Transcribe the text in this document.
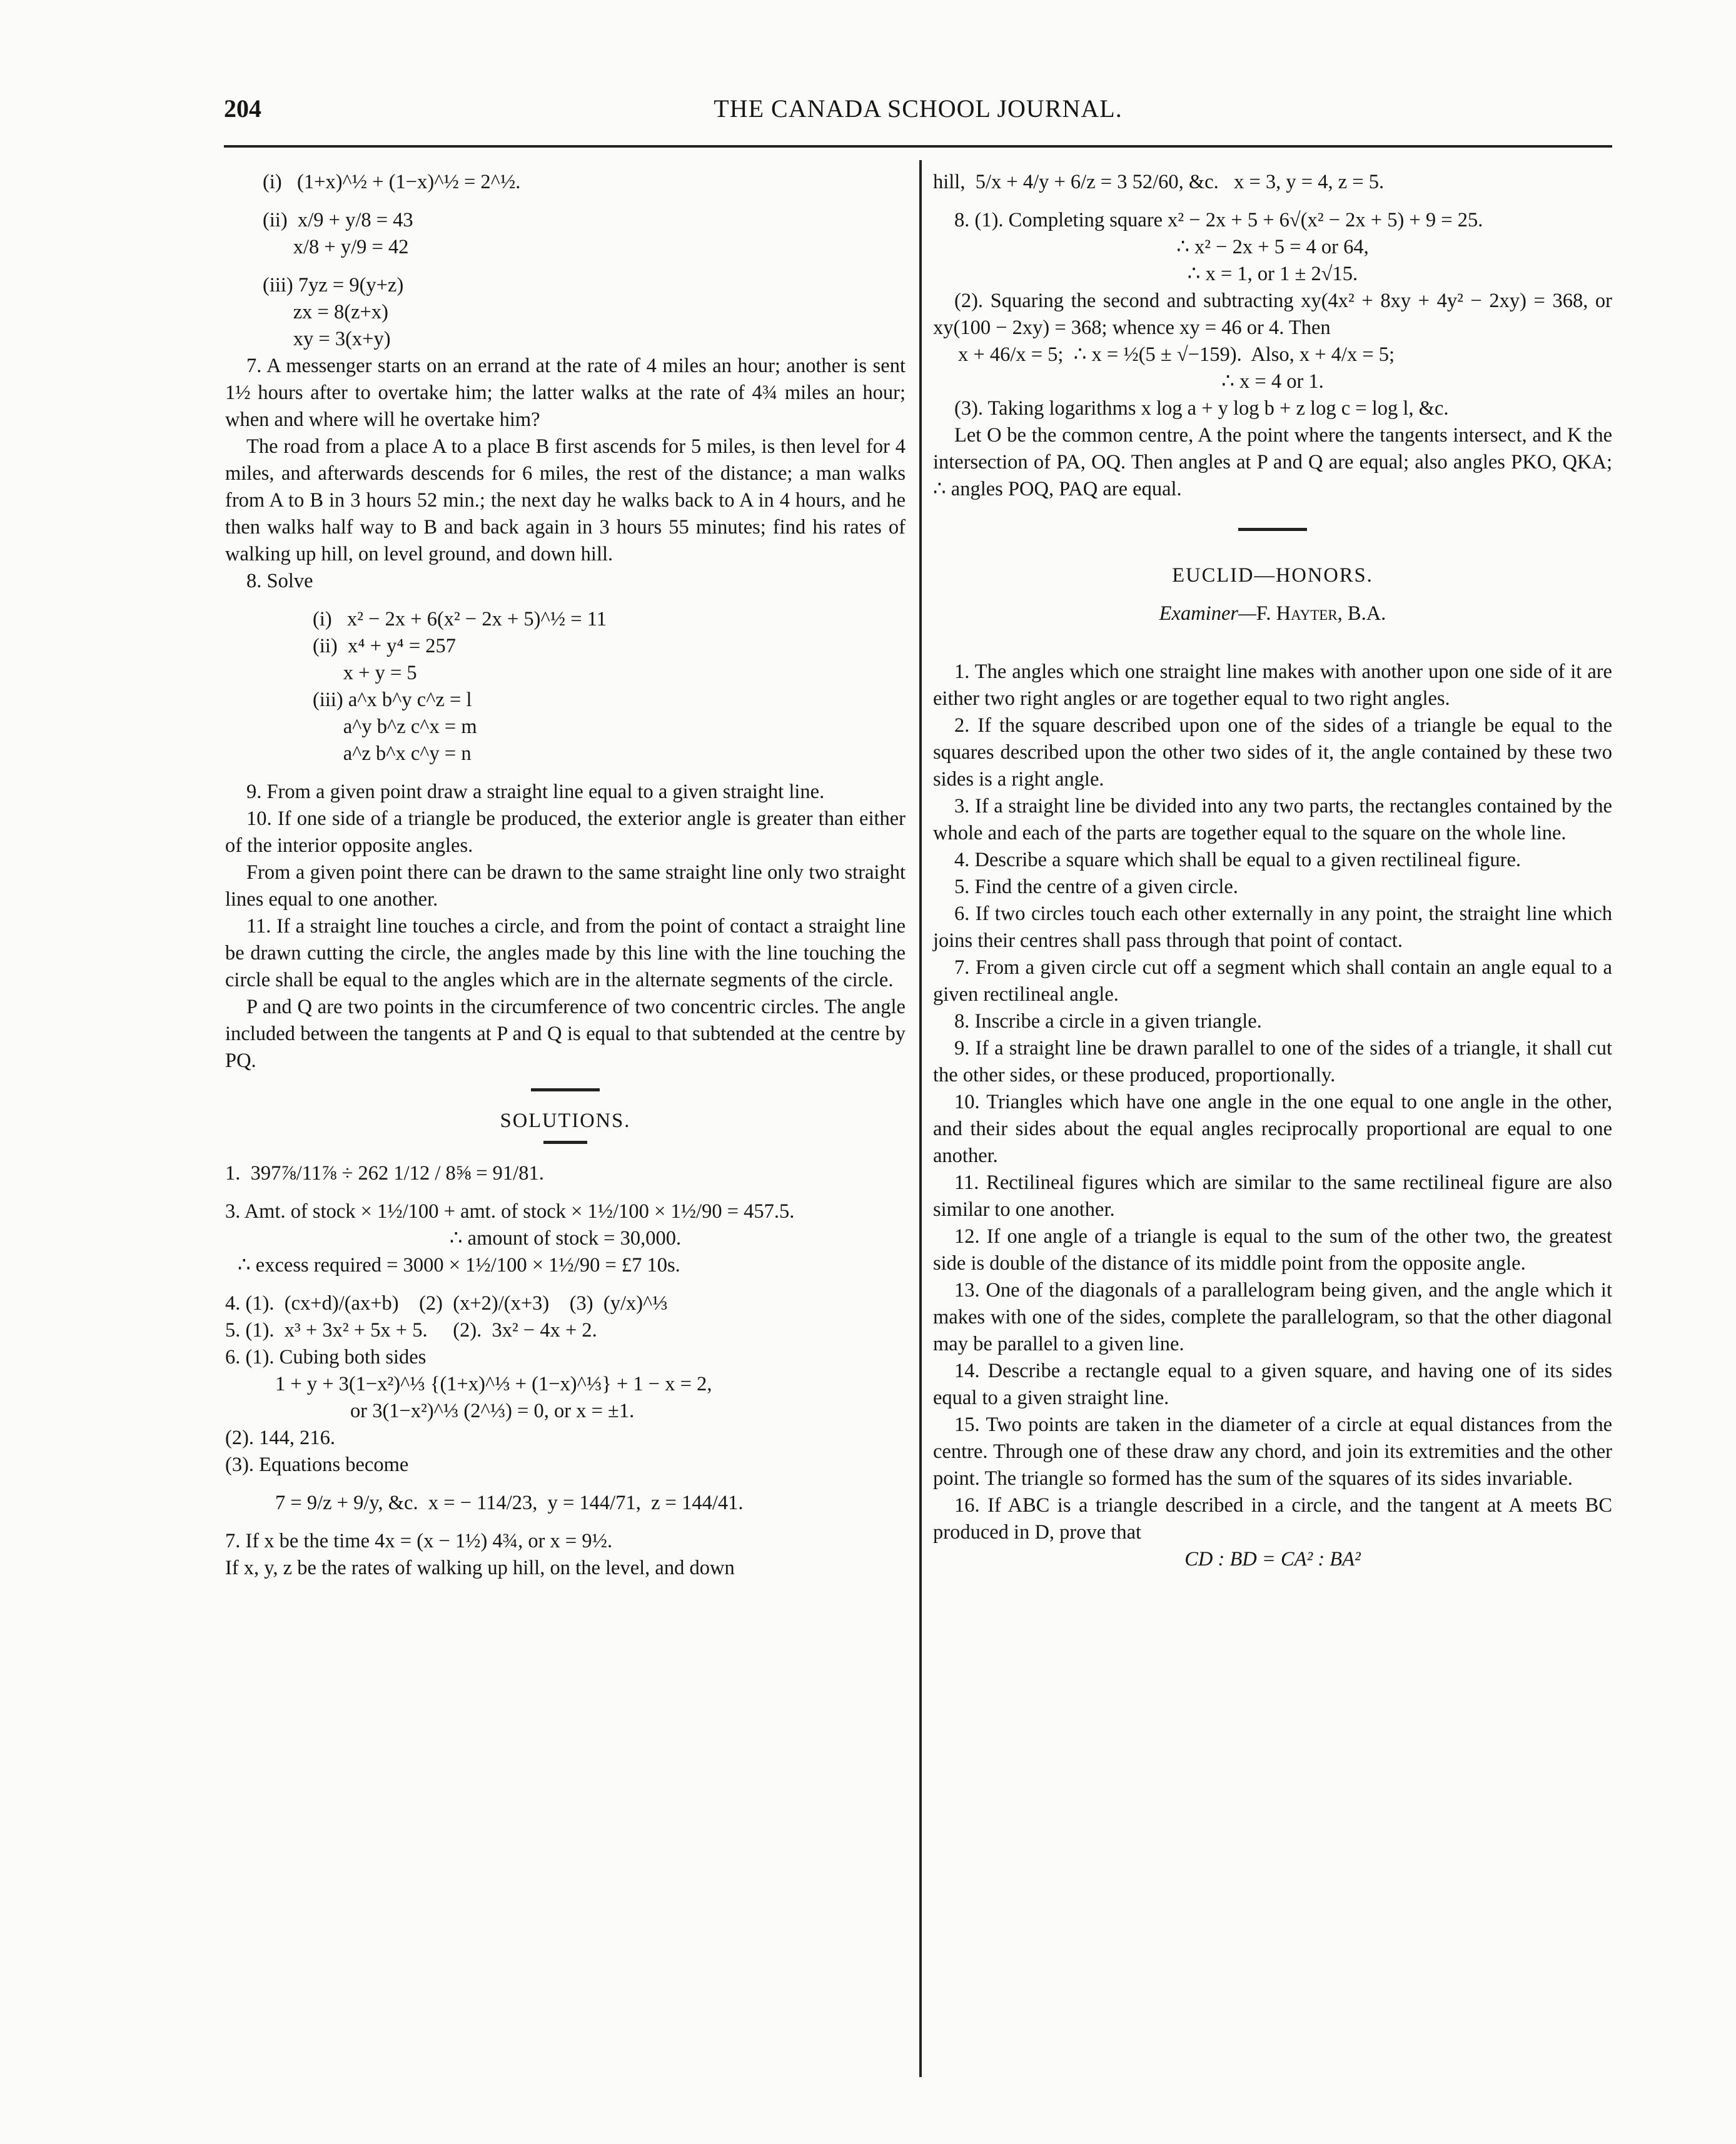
204	THE CANADA SCHOOL JOURNAL.

(i)   (1+x)^½ + (1−x)^½ = 2^½.

(ii)  x/9 + y/8 = 43

x/8 + y/9 = 42

(iii) 7yz = 9(y+z)

zx = 8(z+x)

xy = 3(x+y)

7. A messenger starts on an errand at the rate of 4 miles an hour; another is sent 1½ hours after to overtake him; the latter walks at the rate of 4¾ miles an hour; when and where will he overtake him?

The road from a place A to a place B first ascends for 5 miles, is then level for 4 miles, and afterwards descends for 6 miles, the rest of the distance; a man walks from A to B in 3 hours 52 min.; the next day he walks back to A in 4 hours, and he then walks half way to B and back again in 3 hours 55 minutes; find his rates of walking up hill, on level ground, and down hill.

8. Solve

(i)   x² − 2x + 6(x² − 2x + 5)^½ = 11

(ii)  x⁴ + y⁴ = 257

x + y = 5

(iii) a^x b^y c^z = l

a^y b^z c^x = m

a^z b^x c^y = n

9. From a given point draw a straight line equal to a given straight line.

10. If one side of a triangle be produced, the exterior angle is greater than either of the interior opposite angles.

From a given point there can be drawn to the same straight line only two straight lines equal to one another.

11. If a straight line touches a circle, and from the point of contact a straight line be drawn cutting the circle, the angles made by this line with the line touching the circle shall be equal to the angles which are in the alternate segments of the circle.

P and Q are two points in the circumference of two concentric circles. The angle included between the tangents at P and Q is equal to that subtended at the centre by PQ.

SOLUTIONS.

1.  397⅞/11⅞ ÷ 262 1/12 / 8⅝ = 91/81.

3. Amt. of stock × 1½/100 + amt. of stock × 1½/100 × 1½/90 = 457.5.

∴ amount of stock = 30,000.

∴ excess required = 3000 × 1½/100 × 1½/90 = £7 10s.

4. (1).  (cx+d)/(ax+b)    (2)  (x+2)/(x+3)    (3)  (y/x)^⅓

5. (1).  x³ + 3x² + 5x + 5.     (2).  3x² − 4x + 2.

6. (1). Cubing both sides

1 + y + 3(1−x²)^⅓ {(1+x)^⅓ + (1−x)^⅓} + 1 − x = 2,

or 3(1−x²)^⅓ (2^⅓) = 0, or x = ±1.

(2). 144, 216.

(3). Equations become

7 = 9/z + 9/y, &c.  x = − 114/23,  y = 144/71,  z = 144/41.

7. If x be the time 4x = (x − 1½) 4¾, or x = 9½.

If x, y, z be the rates of walking up hill, on the level, and down

hill,  5/x + 4/y + 6/z = 3 52/60, &c.   x = 3, y = 4, z = 5.

8. (1). Completing square x² − 2x + 5 + 6√(x² − 2x + 5) + 9 = 25.

∴ x² − 2x + 5 = 4 or 64,

∴ x = 1, or 1 ± 2√15.

(2). Squaring the second and subtracting xy(4x² + 8xy + 4y² − 2xy) = 368, or xy(100 − 2xy) = 368; whence xy = 46 or 4. Then

x + 46/x = 5;  ∴ x = ½(5 ± √−159).  Also, x + 4/x = 5;

∴ x = 4 or 1.

(3). Taking logarithms x log a + y log b + z log c = log l, &c.

Let O be the common centre, A the point where the tangents intersect, and K the intersection of PA, OQ. Then angles at P and Q are equal; also angles PKO, QKA; ∴ angles POQ, PAQ are equal.

EUCLID—HONORS.

Examiner—F. Hayter, B.A.

1. The angles which one straight line makes with another upon one side of it are either two right angles or are together equal to two right angles.

2. If the square described upon one of the sides of a triangle be equal to the squares described upon the other two sides of it, the angle contained by these two sides is a right angle.

3. If a straight line be divided into any two parts, the rectangles contained by the whole and each of the parts are together equal to the square on the whole line.

4. Describe a square which shall be equal to a given rectilineal figure.

5. Find the centre of a given circle.

6. If two circles touch each other externally in any point, the straight line which joins their centres shall pass through that point of contact.

7. From a given circle cut off a segment which shall contain an angle equal to a given rectilineal angle.

8. Inscribe a circle in a given triangle.

9. If a straight line be drawn parallel to one of the sides of a triangle, it shall cut the other sides, or these produced, proportionally.

10. Triangles which have one angle in the one equal to one angle in the other, and their sides about the equal angles reciprocally proportional are equal to one another.

11. Rectilineal figures which are similar to the same rectilineal figure are also similar to one another.

12. If one angle of a triangle is equal to the sum of the other two, the greatest side is double of the distance of its middle point from the opposite angle.

13. One of the diagonals of a parallelogram being given, and the angle which it makes with one of the sides, complete the parallelogram, so that the other diagonal may be parallel to a given line.

14. Describe a rectangle equal to a given square, and having one of its sides equal to a given straight line.

15. Two points are taken in the diameter of a circle at equal distances from the centre. Through one of these draw any chord, and join its extremities and the other point. The triangle so formed has the sum of the squares of its sides invariable.

16. If ABC is a triangle described in a circle, and the tangent at A meets BC produced in D, prove that

CD : BD = CA² : BA²
